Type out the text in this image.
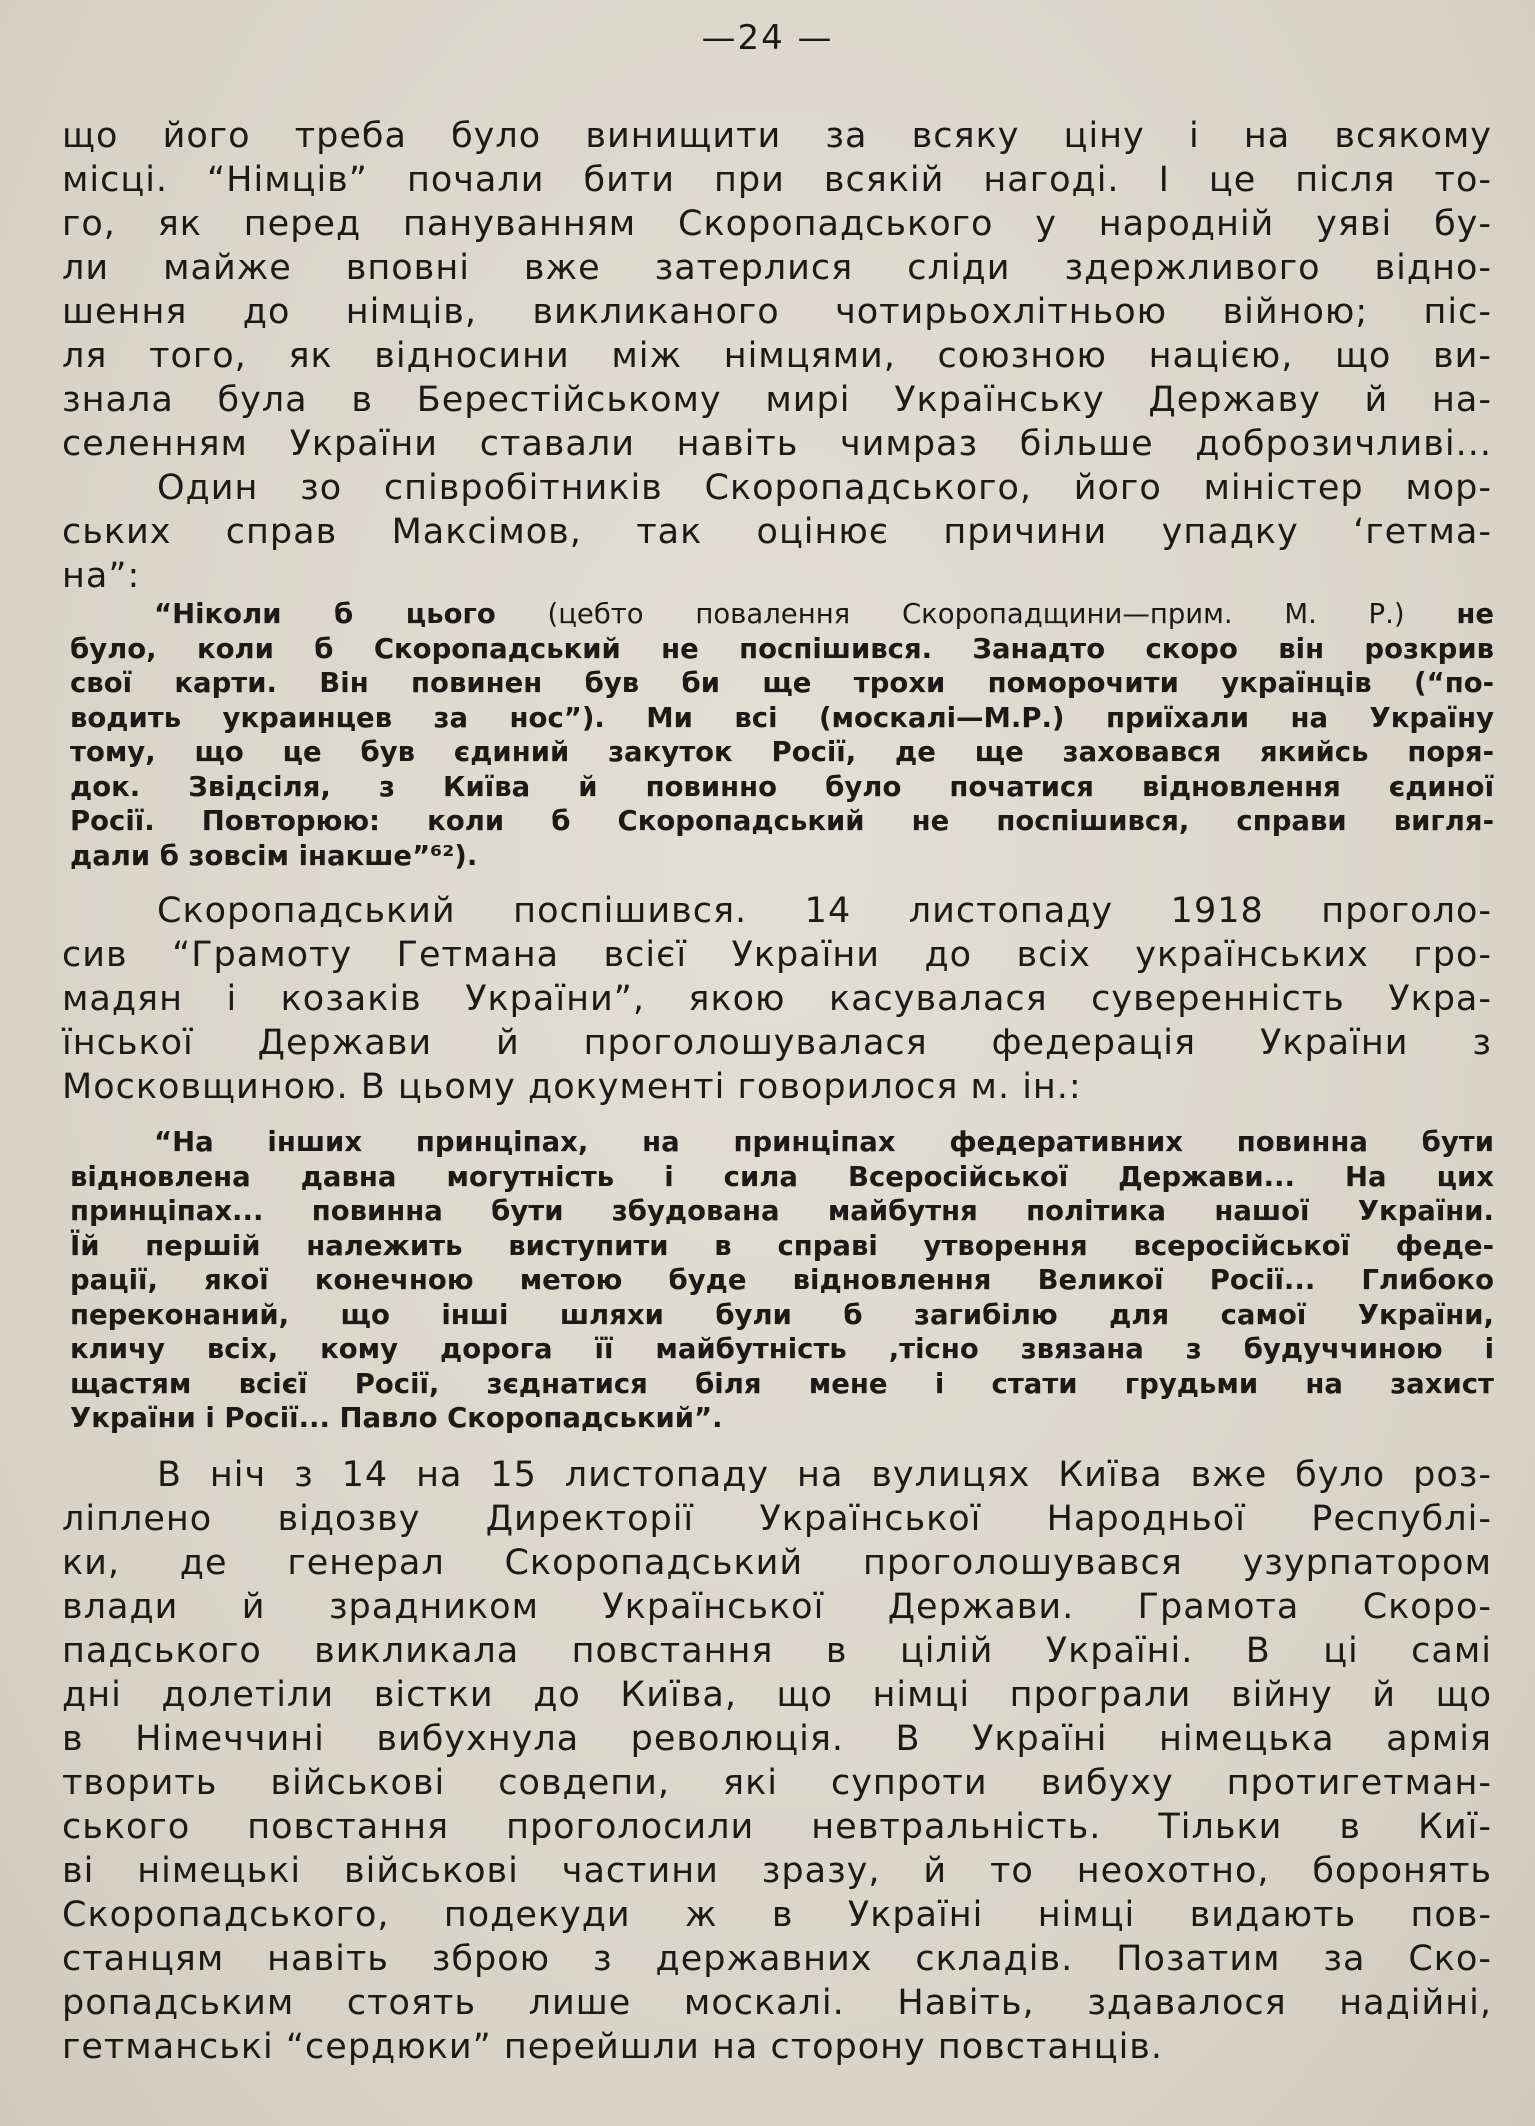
—24 —
що його треба було винищити за всяку ціну і на всякому
місці. “Німців” почали бити при всякій нагоді. І це після то-
го, як перед пануванням Скоропадського у народній уяві бу-
ли майже вповні вже затерлися сліди здержливого відно-
шення до німців, викликаного чотирьохлітньою війною; піс-
ля того, як відносини між німцями, союзною нацією, що ви-
знала була в Берестійському мирі Українську Державу й на-
селенням України ставали навіть чимраз більше доброзичливі...
Один зо співробітників Скоропадського, його міністер мор-
ських справ Максімов, так оцінює причини упадку ‘гетма-
на”:
“Ніколи б цього (цебто повалення Скоропадщини—прим. М. Р.) не
було, коли б Скоропадський не поспішився. Занадто скоро він розкрив
свої карти. Він повинен був би ще трохи поморочити українців (“по-
водить украинцев за нос”). Ми всі (москалі—М.Р.) приїхали на Україну
тому, що це був єдиний закуток Росії, де ще заховався якийсь поря-
док. Звідсіля, з Київа й повинно було початися відновлення єдиної
Росії. Повторюю: коли б Скоропадський не поспішився, справи вигля-
дали б зовсім інакше”⁶²).
Скоропадський поспішився. 14 листопаду 1918 проголо-
сив “Грамоту Гетмана всієї України до всіх українських гро-
мадян і козаків України”, якою касувалася суверенність Укра-
їнської Держави й проголошувалася федерація України з
Московщиною. В цьому документі говорилося м. ін.:
“На інших принціпах, на принціпах федеративних повинна бути
відновлена давна могутність і сила Всеросійської Держави... На цих
принціпах... повинна бути збудована майбутня політика нашої України.
Їй першій належить виступити в справі утворення всеросійської феде-
рації, якої конечною метою буде відновлення Великої Росії... Глибоко
переконаний, що інші шляхи були б загибілю для самої України,
кличу всіх, кому дорога її майбутність ,тісно звязана з будуччиною і
щастям всієї Росії, зєднатися біля мене і стати грудьми на захист
України і Росії... Павло Скоропадський”.
В ніч з 14 на 15 листопаду на вулицях Київа вже було роз-
ліплено відозву Директорії Української Народньої Республі-
ки, де генерал Скоропадський проголошувався узурпатором
влади й зрадником Української Держави. Грамота Скоро-
падського викликала повстання в цілій Україні. В ці самі
дні долетіли вістки до Київа, що німці програли війну й що
в Німеччині вибухнула революція. В Україні німецька армія
творить військові совдепи, які супроти вибуху протигетман-
ського повстання проголосили невтральність. Тільки в Киї-
ві німецькі військові частини зразу, й то неохотно, боронять
Скоропадського, подекуди ж в Україні німці видають пов-
станцям навіть зброю з державних складів. Позатим за Ско-
ропадським стоять лише москалі. Навіть, здавалося надійні,
гетманські “сердюки” перейшли на сторону повстанців.
